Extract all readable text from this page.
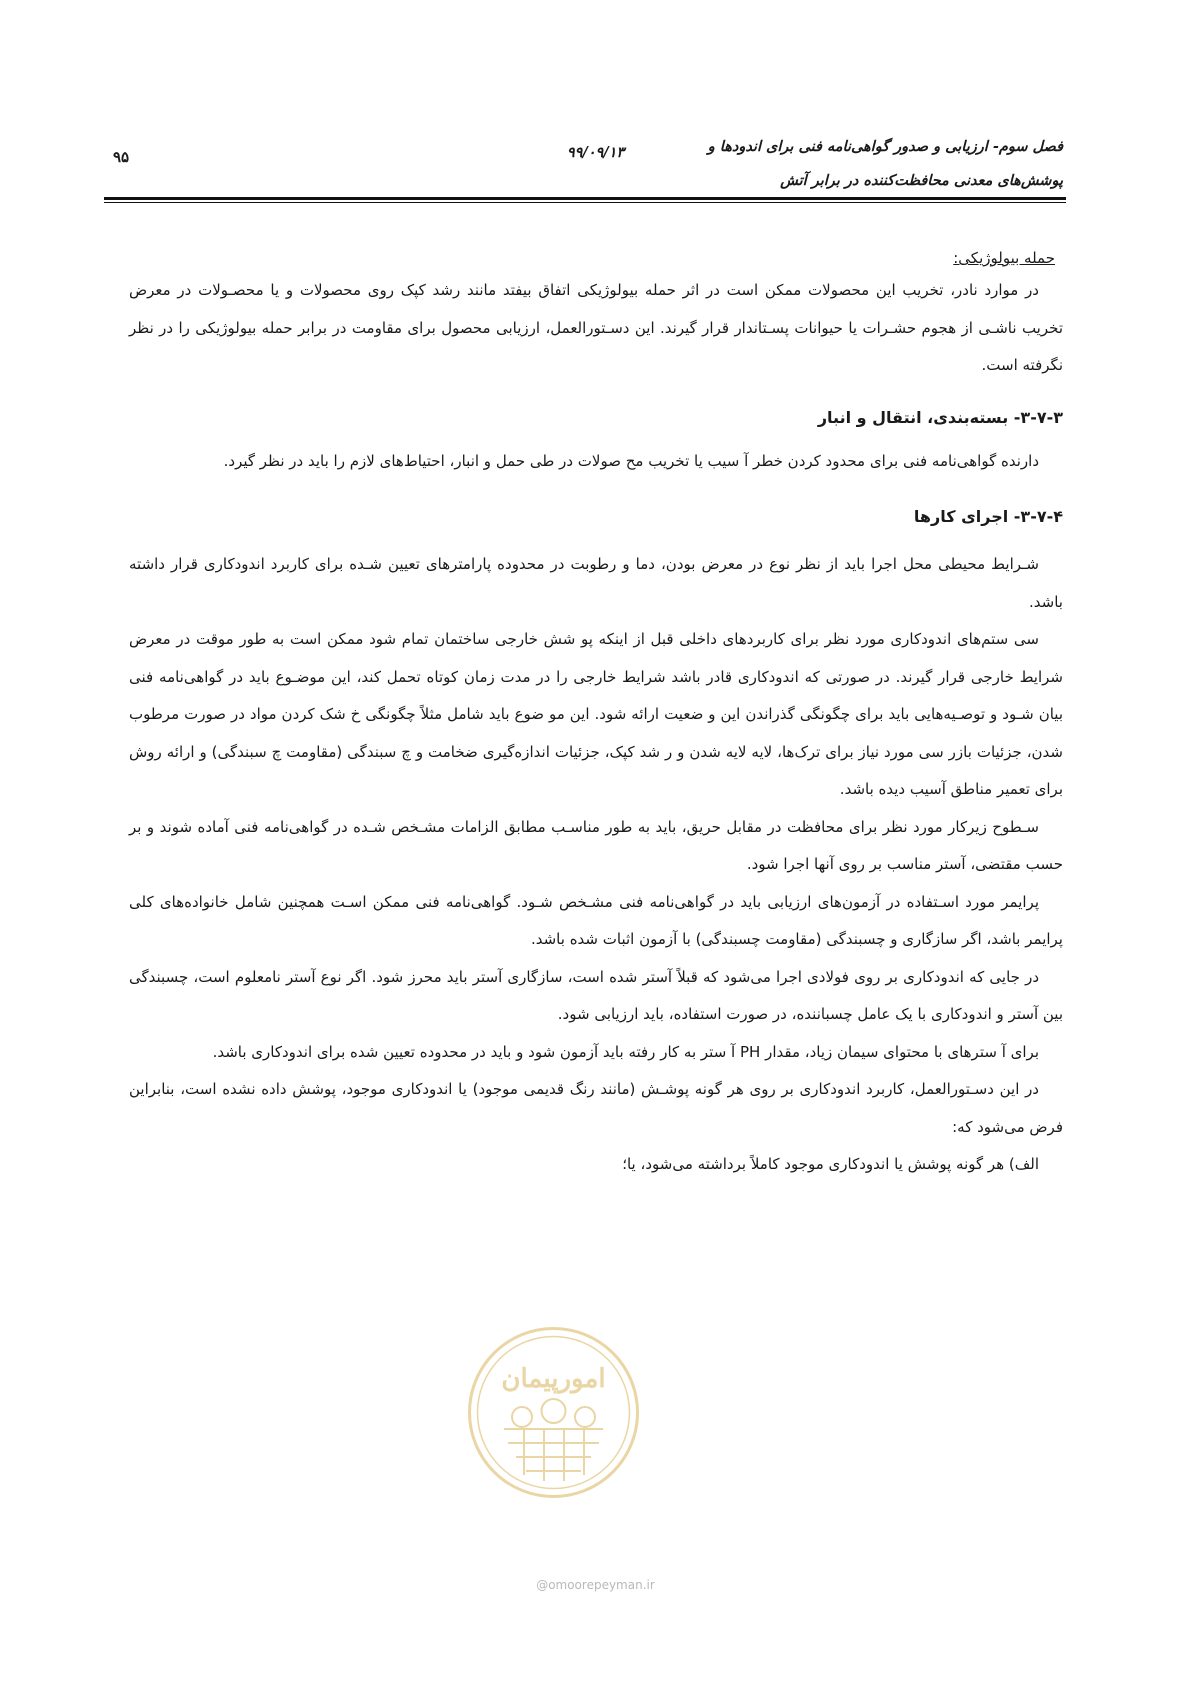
فصل سوم- ارزیابی و صدور گواهی‌نامه فنی برای اندودها و
پوشش‌های معدنی محافظت‌کننده در برابر آتش
۹۹/۰۹/۱۳
۹۵
حمله بیولوژیکی:

در موارد نادر، تخریب این محصولات ممکن است در اثر حمله بیولوژیکی اتفاق بیفتد مانند رشد کپک روی محصولات و یا محصـولات در معرض تخریب ناشـی از هجوم حشـرات یا حیوانات پسـتاندار قرار گیرند. این دسـتورالعمل، ارزیابی محصول برای مقاومت در برابر حمله بیولوژیکی را در نظر نگرفته است.

۳-۷-۳- بسته‌بندی، انتقال و انبار

دارنده گواهی‌نامه فنی برای محدود کردن خطر آ سیب یا تخریب مح صولات در طی حمل و انبار، احتیاط‌های لازم را باید در نظر گیرد.

۳-۷-۴- اجرای کارها

شـرایط محیطی محل اجرا باید از نظر نوع در معرض بودن، دما و رطوبت در محدوده پارامترهای تعیین شـده برای کاربرد اندودکاری قرار داشته باشد.

سی ستم‌های اندودکاری مورد نظر برای کاربردهای داخلی قبل از اینکه پو شش خارجی ساختمان تمام شود ممکن است به طور موقت در معرض شرایط خارجی قرار گیرند. در صورتی که اندودکاری قادر باشد شرایط خارجی را در مدت زمان کوتاه تحمل کند، این موضـوع باید در گواهی‌نامه فنی بیان شـود و توصـیه‌هایی باید برای چگونگی گذراندن این و ضعیت ارائه شود. این مو ضوع باید شامل مثلاً چگونگی خ شک کردن مواد در صورت مرطوب شدن، جزئیات بازر سی مورد نیاز برای ترک‌ها، لایه لایه شدن و ر شد کپک، جزئیات اندازه‌گیری ضخامت و چ سبندگی (مقاومت چ سبندگی) و ارائه روش برای تعمیر مناطق آسیب دیده باشد.

سـطوح زیرکار مورد نظر برای محافظت در مقابل حریق، باید به طور مناسـب مطابق الزامات مشـخص شـده در گواهی‌نامه فنی آماده شوند و بر حسب مقتضی، آستر مناسب بر روی آنها اجرا شود.

پرایمر مورد اسـتفاده در آزمون‌های ارزیابی باید در گواهی‌نامه فنی مشـخص شـود. گواهی‌نامه فنی ممکن اسـت همچنین شامل خانواده‌های کلی پرایمر باشد، اگر سازگاری و چسبندگی (مقاومت چسبندگی) با آزمون اثبات شده باشد.

در جایی که اندودکاری بر روی فولادی اجرا می‌شود که قبلاً آستر شده است، سازگاری آستر باید محرز شود. اگر نوع آستر نامعلوم است، چسبندگی بین آستر و اندودکاری با یک عامل چسباننده، در صورت استفاده، باید ارزیابی شود.

برای آ سترهای با محتوای سیمان زیاد، مقدار PH آ ستر به کار رفته باید آزمون شود و باید در محدوده تعیین شده برای اندودکاری باشد.

در این دسـتورالعمل، کاربرد اندودکاری بر روی هر گونه پوشـش (مانند رنگ قدیمی موجود) یا اندودکاری موجود، پوشش داده نشده است، بنابراین فرض می‌شود که:

الف) هر گونه پوشش یا اندودکاری موجود کاملاً برداشته می‌شود، یا؛

امورپیمان
@omoorepeyman.ir
